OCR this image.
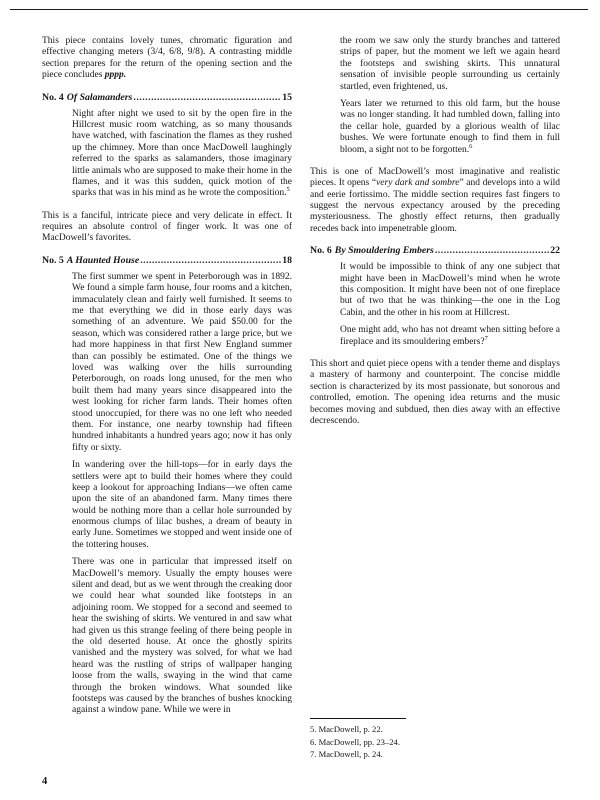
This piece contains lovely tunes, chromatic figuration and effective changing meters (3/4, 6/8, 9/8). A contrasting middle section prepares for the return of the opening section and the piece concludes pppp.

No. 4 Of Salamanders .....	15

Night after night we used to sit by the open fire in the Hillcrest music room watching, as so many thousands have watched, with fascination the flames as they rushed up the chimney. More than once MacDowell laughingly referred to the sparks as salamanders, those imaginary little animals who are supposed to make their home in the flames, and it was this sudden, quick motion of the sparks that was in his mind as he wrote the composition.$^5$

This is a fanciful, intricate piece and very delicate in effect. It requires an absolute control of finger work. It was one of MacDowell’s favorites.

No. 5 A Haunted House .....	18

The first summer we spent in Peterborough was in 1892. We found a simple farm house, four rooms and a kitchen, immaculately clean and fairly well furnished. It seems to me that everything we did in those early days was something of an adventure. We paid $50.00 for the season, which was considered rather a large price, but we had more happiness in that first New England summer than can possibly be estimated. One of the things we loved was walking over the hills surrounding Peterborough, on roads long unused, for the men who built them had many years since disappeared into the west looking for richer farm lands. Their homes often stood unoccupied, for there was no one left who needed them. For instance, one nearby township had fifteen hundred inhabitants a hundred years ago; now it has only fifty or sixty.

In wandering over the hill-tops—for in early days the settlers were apt to build their homes where they could keep a lookout for approaching Indians—we often came upon the site of an abandoned farm. Many times there would be nothing more than a cellar hole surrounded by enormous clumps of lilac bushes, a dream of beauty in early June. Sometimes we stopped and went inside one of the tottering houses.

There was one in particular that impressed itself on MacDowell’s memory. Usually the empty houses were silent and dead, but as we went through the creaking door we could hear what sounded like footsteps in an adjoining room. We stopped for a second and seemed to hear the swishing of skirts. We ventured in and saw what had given us this strange feeling of there being people in the old deserted house. At once the ghostly spirits vanished and the mystery was solved, for what we had heard was the rustling of strips of wallpaper hanging loose from the walls, swaying in the wind that came through the broken windows. What sounded like footsteps was caused by the branches of bushes knocking against a window pane. While we were in

the room we saw only the sturdy branches and tattered strips of paper, but the moment we left we again heard the footsteps and swishing skirts. This unnatural sensation of invisible people surrounding us certainly startled, even frightened, us.

Years later we returned to this old farm, but the house was no longer standing. It had tumbled down, falling into the cellar hole, guarded by a glorious wealth of lilac bushes. We were fortunate enough to find them in full bloom, a sight not to be forgotten.$^6$

This is one of MacDowell’s most imaginative and realistic pieces. It opens “very dark and sombre” and develops into a wild and eerie fortissimo. The middle section requires fast fingers to suggest the nervous expectancy aroused by the preceding mysteriousness. The ghostly effect returns, then gradually recedes back into impenetrable gloom.

No. 6 By Smouldering Embers .....	22

It would be impossible to think of any one subject that might have been in MacDowell’s mind when he wrote this composition. It might have been not of one fireplace but of two that he was thinking—the one in the Log Cabin, and the other in his room at Hillcrest.

One might add, who has not dreamt when sitting before a fireplace and its smouldering embers?$^7$

This short and quiet piece opens with a tender theme and displays a mastery of harmony and counterpoint. The concise middle section is characterized by its most passionate, but sonorous and controlled, emotion. The opening idea returns and the music becomes moving and subdued, then dies away with an effective decrescendo.

5. MacDowell, p. 22.

6. MacDowell, pp. 23–24.

7. MacDowell, p. 24.

4
